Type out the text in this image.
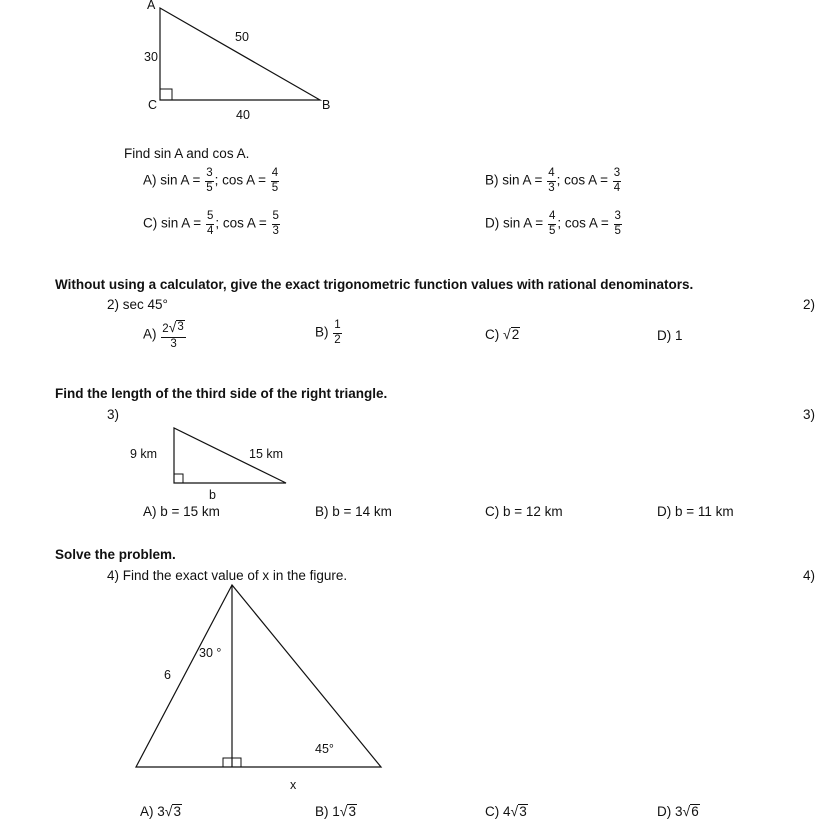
A
C	B
30
50
40
Find sin A and cos A.
A) $\sin A = \frac{3}{5}$ ; $\cos A = \frac{4}{5}$	B) $\sin A = \frac{4}{3}$ ; $\cos A = \frac{3}{4}$
C) $\sin A = \frac{5}{4}$ ; $\cos A = \frac{5}{3}$	D) $\sin A = \frac{4}{5}$ ; $\cos A = \frac{3}{5}$
Without using a calculator, give the exact trigonometric function values with rational denominators.
2) sec 45°	2)
$A) \frac{2 √ 3}{3}$	$B) \frac{1}{2}$	C) √ 2	D) 1
Find the length of the third side of the right triangle.
3)	3)
9 km	15 km
b
A) b = 15 km	B) b = 14 km	C) b = 12 km	D) b = 11 km
Solve the problem.
4) Find the exact value of x in the figure.	4)
6
30 °
45°
x
A) 3 √ 3	B) 1 √ 3	C) 4 √ 3	D) 3 √ 6
